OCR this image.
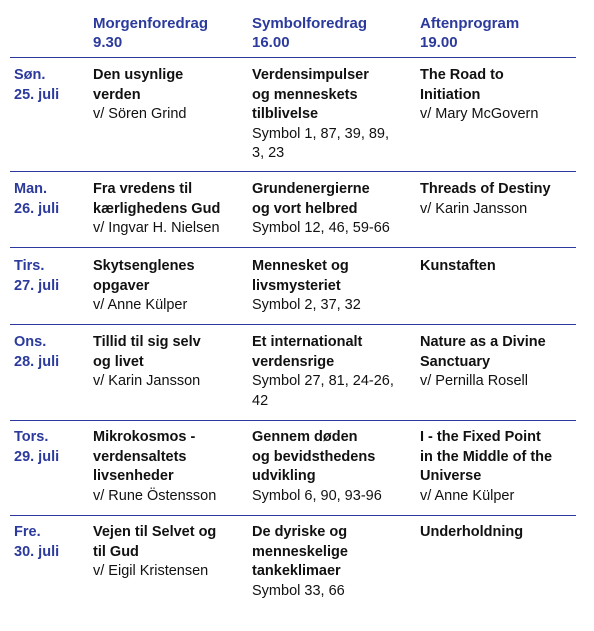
Morgenforedrag
9.30
Symbolforedrag
16.00
Aftenprogram
19.00
Søn.
25. juli
Den usynlige
verden
v/ Sören Grind
Verdensimpulser
og menneskets
tilblivelse
Symbol 1, 87, 39, 89,
3, 23
The Road to
Initiation
v/ Mary McGovern
Man.
26. juli
Fra vredens til
kærlighedens Gud
v/ Ingvar H. Nielsen
Grundenergierne
og vort helbred
Symbol 12, 46, 59-66
Threads of Destiny
v/ Karin Jansson
Tirs.
27. juli
Skytsenglenes
opgaver
v/ Anne Külper
Mennesket og
livsmysteriet
Symbol 2, 37, 32
Kunstaften
Ons.
28. juli
Tillid til sig selv
og livet
v/ Karin Jansson
Et internationalt
verdensrige
Symbol 27, 81, 24-26,
42
Nature as a Divine
Sanctuary
v/ Pernilla Rosell
Tors.
29. juli
Mikrokosmos -
verdensaltets
livsenheder
v/ Rune Östensson
Gennem døden
og bevidsthedens
udvikling
Symbol 6, 90, 93-96
I - the Fixed Point
in the Middle of the
Universe
v/ Anne Külper
Fre.
30. juli
Vejen til Selvet og
til Gud
v/ Eigil Kristensen
De dyriske og
menneskelige
tankeklimaer
Symbol 33, 66
Underholdning
